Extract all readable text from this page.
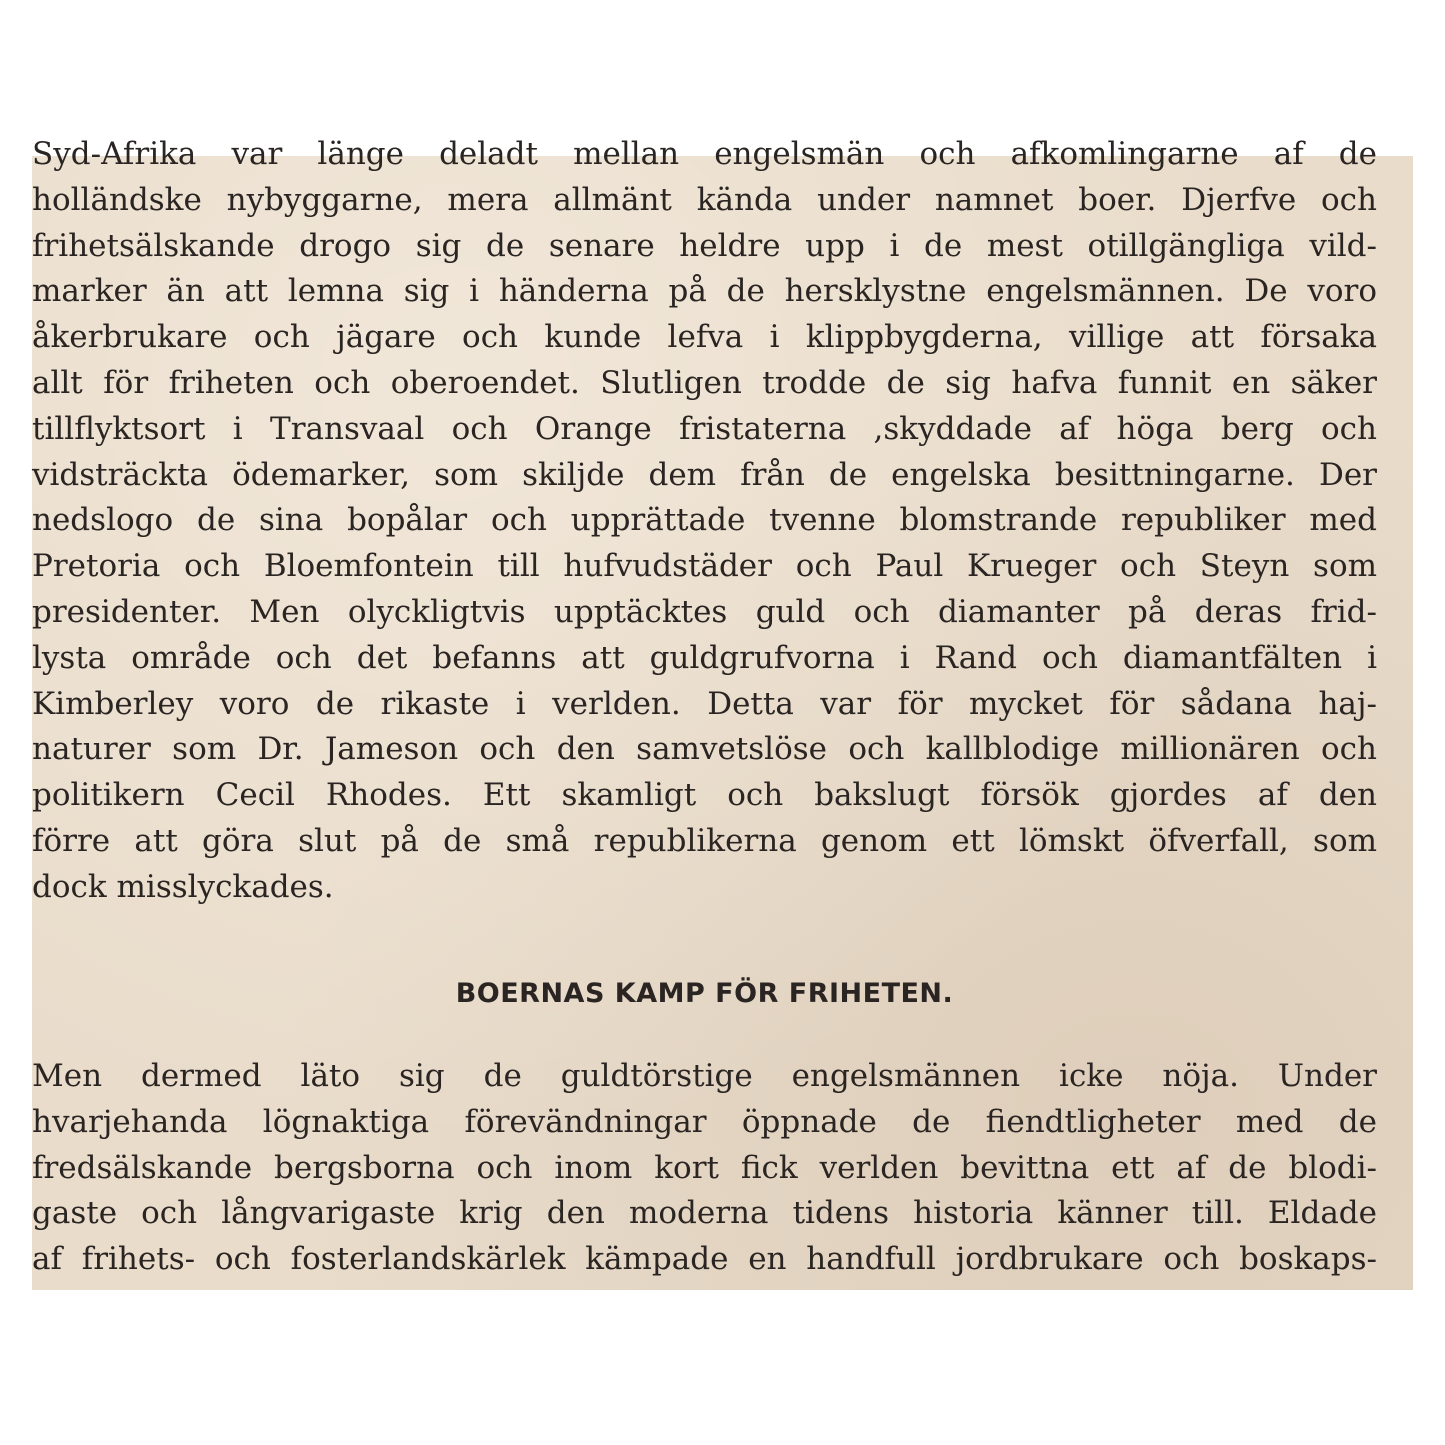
Syd-Afrika var länge deladt mellan engelsmän och afkomlingarne af de
holländske nybyggarne, mera allmänt kända under namnet boer. Djerfve och
frihetsälskande drogo sig de senare heldre upp i de mest otillgängliga vild-
marker än att lemna sig i händerna på de hersklystne engelsmännen. De voro
åkerbrukare och jägare och kunde lefva i klippbygderna, villige att försaka
allt för friheten och oberoendet. Slutligen trodde de sig hafva funnit en säker
tillflyktsort i Transvaal och Orange fristaterna ,skyddade af höga berg och
vidsträckta ödemarker, som skiljde dem från de engelska besittningarne. Der
nedslogo de sina bopålar och upprättade tvenne blomstrande republiker med
Pretoria och Bloemfontein till hufvudstäder och Paul Krueger och Steyn som
presidenter. Men olyckligtvis upptäcktes guld och diamanter på deras frid-
lysta område och det befanns att guldgrufvorna i Rand och diamantfälten i
Kimberley voro de rikaste i verlden. Detta var för mycket för sådana haj-
naturer som Dr. Jameson och den samvetslöse och kallblodige millionären och
politikern Cecil Rhodes. Ett skamligt och bakslugt försök gjordes af den
förre att göra slut på de små republikerna genom ett lömskt öfverfall, som
dock misslyckades.
BOERNAS KAMP FÖR FRIHETEN.
Men dermed läto sig de guldtörstige engelsmännen icke nöja. Under
hvarjehanda lögnaktiga förevändningar öppnade de fiendtligheter med de
fredsälskande bergsborna och inom kort fick verlden bevittna ett af de blodi-
gaste och långvarigaste krig den moderna tidens historia känner till. Eldade
af frihets- och fosterlandskärlek kämpade en handfull jordbrukare och boskaps-
